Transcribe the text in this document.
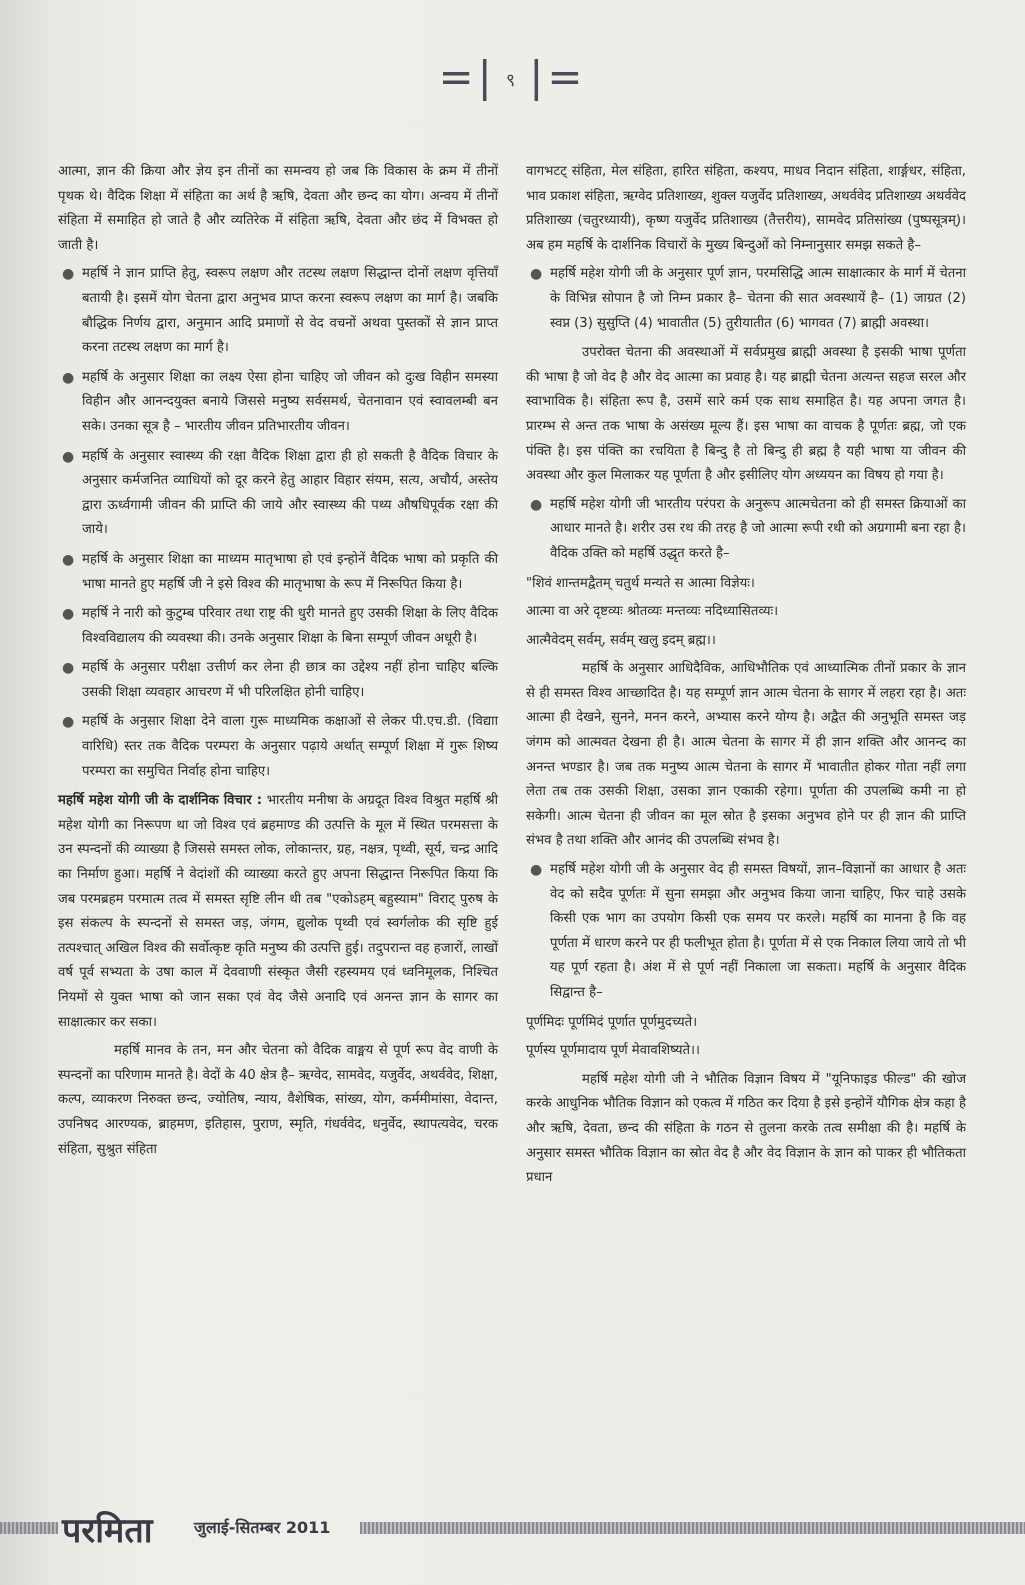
=| ९ |=

आत्मा, ज्ञान की क्रिया और ज्ञेय इन तीनों का समन्वय हो जब कि विकास के क्रम में तीनों पृथक थे। वैदिक शिक्षा में संहिता का अर्थ है ऋषि, देवता और छन्द का योग। अन्वय में तीनों संहिता में समाहित हो जाते है और व्यतिरेक में संहिता ऋषि, देवता और छंद में विभक्त हो जाती है।

● महर्षि ने ज्ञान प्राप्ति हेतु, स्वरूप लक्षण और तटस्थ लक्षण सिद्धान्त दोनों लक्षण वृत्तियाँ बतायी है। इसमें योग चेतना द्वारा अनुभव प्राप्त करना स्वरूप लक्षण का मार्ग है। जबकि बौद्धिक निर्णय द्वारा, अनुमान आदि प्रमाणों से वेद वचनों अथवा पुस्तकों से ज्ञान प्राप्त करना तटस्थ लक्षण का मार्ग है।
● महर्षि के अनुसार शिक्षा का लक्ष्य ऐसा होना चाहिए जो जीवन को दुःख विहीन समस्या विहीन और आनन्दयुक्त बनाये जिससे मनुष्य सर्वसमर्थ, चेतनावान एवं स्वावलम्बी बन सके। उनका सूत्र है – भारतीय जीवन प्रतिभारतीय जीवन।
● महर्षि के अनुसार स्वास्थ्य की रक्षा वैदिक शिक्षा द्वारा ही हो सकती है वैदिक विचार के अनुसार कर्मजनित व्याधियों को दूर करने हेतु आहार विहार संयम, सत्य, अचौर्य, अस्तेय द्वारा ऊर्ध्वगामी जीवन की प्राप्ति की जाये और स्वास्थ्य की पथ्य औषधिपूर्वक रक्षा की जाये।
● महर्षि के अनुसार शिक्षा का माध्यम मातृभाषा हो एवं इन्होनें वैदिक भाषा को प्रकृति की भाषा मानते हुए महर्षि जी ने इसे विश्व की मातृभाषा के रूप में निरूपित किया है।
● महर्षि ने नारी को कुटुम्ब परिवार तथा राष्ट्र की धुरी मानते हुए उसकी शिक्षा के लिए वैदिक विश्वविद्यालय की व्यवस्था की। उनके अनुसार शिक्षा के बिना सम्पूर्ण जीवन अधूरी है।
● महर्षि के अनुसार परीक्षा उत्तीर्ण कर लेना ही छात्र का उद्देश्य नहीं होना चाहिए बल्कि उसकी शिक्षा व्यवहार आचरण में भी परिलक्षित होनी चाहिए।
● महर्षि के अनुसार शिक्षा देने वाला गुरू माध्यमिक कक्षाओं से लेकर पी.एच.डी. (विद्याा वारिधि) स्तर तक वैदिक परम्परा के अनुसार पढ़ाये अर्थात् सम्पूर्ण शिक्षा में गुरू शिष्य परम्परा का समुचित निर्वाह होना चाहिए।

महर्षि महेश योगी जी के दार्शनिक विचार : भारतीय मनीषा के अग्रदूत विश्व विश्रुत महर्षि श्री महेश योगी का निरूपण था जो विश्व एवं ब्रहमाण्ड की उत्पत्ति के मूल में स्थित परमसत्ता के उन स्पन्दनों की व्याख्या है जिससे समस्त लोक, लोकान्तर, ग्रह, नक्षत्र, पृथ्वी, सूर्य, चन्द्र आदि का निर्माण हुआ। महर्षि ने वेदांशों की व्याख्या करते हुए अपना सिद्धान्त निरूपित किया कि जब परमब्रहम परमात्म तत्व में समस्त सृष्टि लीन थी तब "एकोऽहम् बहुस्याम" विराट् पुरुष के इस संकल्प के स्पन्दनों से समस्त जड़, जंगम, द्युलोक पृथ्वी एवं स्वर्गलोक की सृष्टि हुई तत्पश्चात् अखिल विश्व की सर्वोत्कृष्ट कृति मनुष्य की उत्पत्ति हुई। तदुपरान्त वह हजारों, लाखों वर्ष पूर्व सभ्यता के उषा काल में देववाणी संस्कृत जैसी रहस्यमय एवं ध्वनिमूलक, निश्चित नियमों से युक्त भाषा को जान सका एवं वेद जैसे अनादि एवं अनन्त ज्ञान के सागर का साक्षात्कार कर सका।

महर्षि मानव के तन, मन और चेतना को वैदिक वाङ्मय से पूर्ण रूप वेद वाणी के स्पन्दनों का परिणाम मानते है। वेदों के 40 क्षेत्र है– ऋग्वेद, सामवेद, यजुर्वेद, अथर्ववेद, शिक्षा, कल्प, व्याकरण निरुक्त छन्द, ज्योतिष, न्याय, वैशेषिक, सांख्य, योग, कर्ममीमांसा, वेदान्त, उपनिषद आरण्यक, ब्राहमण, इतिहास, पुराण, स्मृति, गंधर्ववेद, धनुर्वेद, स्थापत्यवेद, चरक संहिता, सुश्रुत संहिता

वागभटट् संहिता, मेल संहिता, हारित संहिता, कश्यप, माधव निदान संहिता, शार्ङ्गधर, संहिता, भाव प्रकाश संहिता, ऋग्वेद प्रतिशाख्य, शुक्ल यजुर्वेद प्रतिशाख्य, अथर्ववेद प्रतिशाख्य अथर्ववेद प्रतिशाख्य (चतुरध्यायी), कृष्ण यजुर्वेद प्रतिशाख्य (तैत्तरीय), सामवेद प्रतिसांख्य (पुष्पसूत्रम्)। अब हम महर्षि के दार्शनिक विचारों के मुख्य बिन्दुओं को निम्नानुसार समझ सकते है–

● महर्षि महेश योगी जी के अनुसार पूर्ण ज्ञान, परमसिद्धि आत्म साक्षात्कार के मार्ग में चेतना के विभिन्न सोपान है जो निम्न प्रकार है– चेतना की सात अवस्थायें है– (1) जाग्रत (2) स्वप्न (3) सुसुप्ति (4) भावातीत (5) तुरीयातीत (6) भागवत (7) ब्राह्मी अवस्था।

उपरोक्त चेतना की अवस्थाओं में सर्वप्रमुख ब्राह्मी अवस्था है इसकी भाषा पूर्णता की भाषा है जो वेद है और वेद आत्मा का प्रवाह है। यह ब्राह्मी चेतना अत्यन्त सहज सरल और स्वाभाविक है। संहिता रूप है, उसमें सारे कर्म एक साथ समाहित है। यह अपना जगत है। प्रारम्भ से अन्त तक भाषा के असंख्य मूल्य हैं। इस भाषा का वाचक है पूर्णतः ब्रह्म, जो एक पंक्ति है। इस पंक्ति का रचयिता है बिन्दु है तो बिन्दु ही ब्रह्म है यही भाषा या जीवन की अवस्था और कुल मिलाकर यह पूर्णता है और इसीलिए योग अध्ययन का विषय हो गया है।

● महर्षि महेश योगी जी भारतीय परंपरा के अनुरूप आत्मचेतना को ही समस्त क्रियाओं का आधार मानते है। शरीर उस रथ की तरह है जो आत्मा रूपी रथी को अग्रगामी बना रहा है। वैदिक उक्ति को महर्षि उद्धृत करते है–

"शिवं शान्तमद्वैतम् चतुर्थ मन्यते स आत्मा विज्ञेयः।

आत्मा वा अरे दृष्टव्यः श्रोतव्यः मन्तव्यः नदिध्यासितव्यः।

आत्मैवेदम् सर्वम्, सर्वम् खलु इदम् ब्रह्म।।

महर्षि के अनुसार आधिदैविक, आधिभौतिक एवं आध्यात्मिक तीनों प्रकार के ज्ञान से ही समस्त विश्व आच्छादित है। यह सम्पूर्ण ज्ञान आत्म चेतना के सागर में लहरा रहा है। अतः आत्मा ही देखने, सुनने, मनन करने, अभ्यास करने योग्य है। अद्वैत की अनुभूति समस्त जड़ जंगम को आत्मवत देखना ही है। आत्म चेतना के सागर में ही ज्ञान शक्ति और आनन्द का अनन्त भण्डार है। जब तक मनुष्य आत्म चेतना के सागर में भावातीत होकर गोता नहीं लगा लेता तब तक उसकी शिक्षा, उसका ज्ञान एकाकी रहेगा। पूर्णता की उपलब्धि कमी ना हो सकेगी। आत्म चेतना ही जीवन का मूल स्रोत है इसका अनुभव होने पर ही ज्ञान की प्राप्ति संभव है तथा शक्ति और आनंद की उपलब्धि संभव है।

● महर्षि महेश योगी जी के अनुसार वेद ही समस्त विषयों, ज्ञान–विज्ञानों का आधार है अतः वेद को सदैव पूर्णतः में सुना समझा और अनुभव किया जाना चाहिए, फिर चाहे उसके किसी एक भाग का उपयोग किसी एक समय पर करले। महर्षि का मानना है कि वह पूर्णता में धारण करने पर ही फलीभूत होता है। पूर्णता में से एक निकाल लिया जाये तो भी यह पूर्ण रहता है। अंश में से पूर्ण नहीं निकाला जा सकता। महर्षि के अनुसार वैदिक सिद्वान्त है–

पूर्णमिदः पूर्णमिदं पूर्णात पूर्णमुदच्यते।

पूर्णस्य पूर्णमादाय पूर्ण मेवावशिष्यते।।

महर्षि महेश योगी जी ने भौतिक विज्ञान विषय में "यूनिफाइड फील्ड" की खोज करके आधुनिक भौतिक विज्ञान को एकत्व में गठित कर दिया है इसे इन्होनें यौगिक क्षेत्र कहा है और ऋषि, देवता, छन्द की संहिता के गठन से तुलना करके तत्व समीक्षा की है। महर्षि के अनुसार समस्त भौतिक विज्ञान का स्रोत वेद है और वेद विज्ञान के ज्ञान को पाकर ही भौतिकता प्रधान

परमिता	जुलाई-सितम्बर 2011
